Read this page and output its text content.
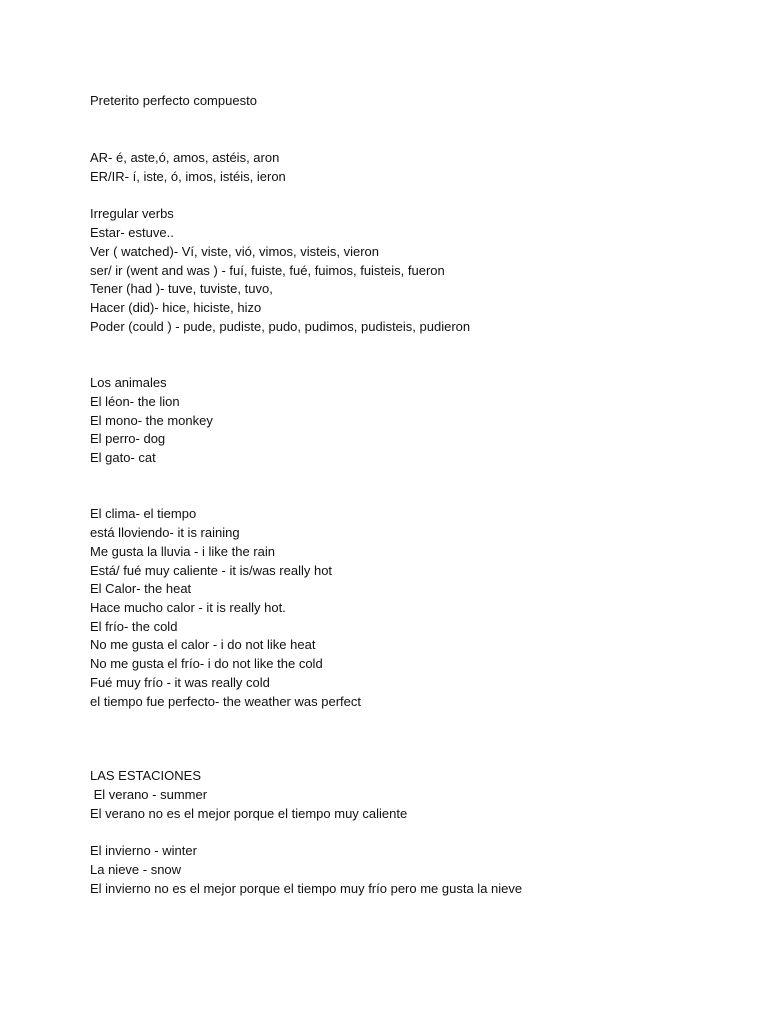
Preterito perfecto compuesto
AR- é, aste,ó, amos, astéis, aron
ER/IR- í, iste, ó, imos, istéis, ieron
Irregular verbs
Estar- estuve..
Ver ( watched)- Ví, viste, vió, vimos, visteis, vieron
ser/ ir (went and was ) - fuí, fuiste, fué, fuimos, fuisteis, fueron
Tener (had )- tuve, tuviste, tuvo,
Hacer (did)- hice, hiciste, hizo
Poder (could ) - pude, pudiste, pudo, pudimos, pudisteis, pudieron
Los animales
El léon- the lion
El mono- the monkey
El perro- dog
El gato- cat
El clima- el tiempo
está lloviendo- it is raining
Me gusta la lluvia - i like the rain
Está/ fué muy caliente - it is/was really hot
El Calor- the heat
Hace mucho calor - it is really hot.
El frío- the cold
No me gusta el calor - i do not like heat
No me gusta el frío- i do not like the cold
Fué muy frío - it was really cold
el tiempo fue perfecto- the weather was perfect
LAS ESTACIONES
El verano - summer
El verano no es el mejor porque el tiempo muy caliente
El invierno - winter
La nieve - snow
El invierno no es el mejor porque el tiempo muy frío pero me gusta la nieve
